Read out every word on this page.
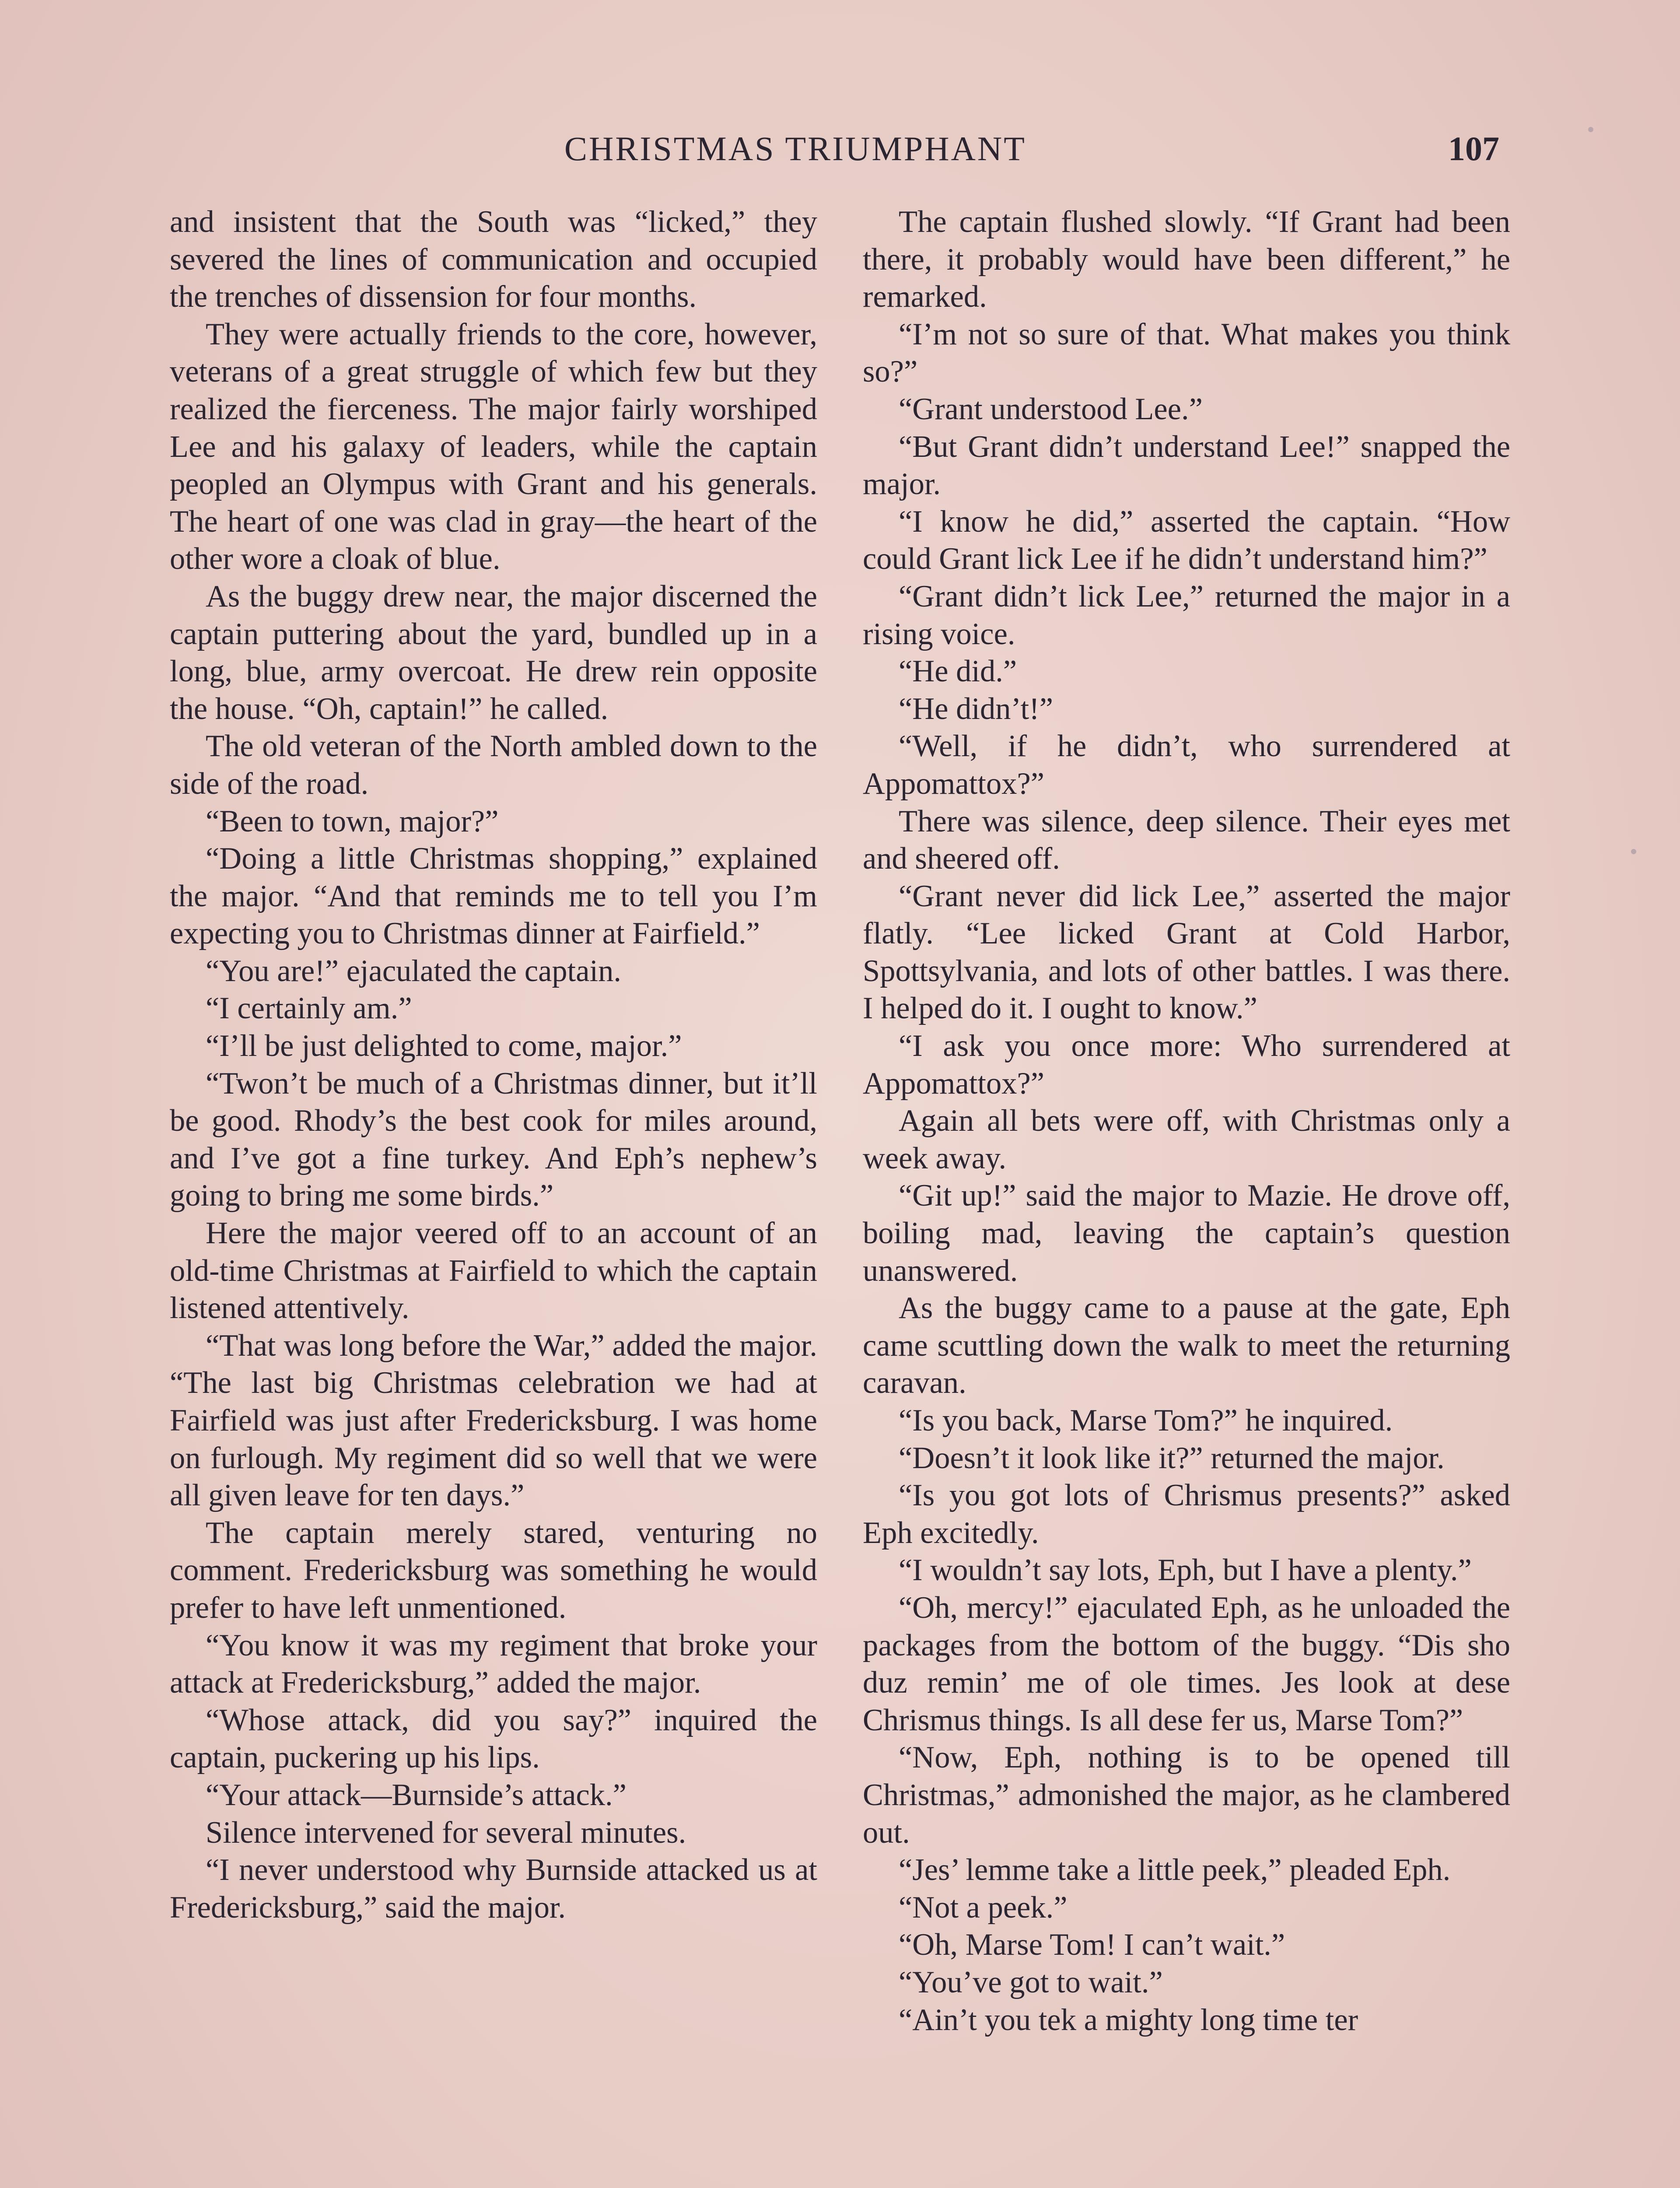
CHRISTMAS TRIUMPHANT	107

and insistent that the South was “licked,” they severed the lines of communication and occupied the trenches of dissension for four months.

They were actually friends to the core, however, veterans of a great struggle of which few but they realized the fierceness. The major fairly worshiped Lee and his galaxy of leaders, while the captain peopled an Olympus with Grant and his generals. The heart of one was clad in gray—the heart of the other wore a cloak of blue.

As the buggy drew near, the major discerned the captain puttering about the yard, bundled up in a long, blue, army overcoat. He drew rein opposite the house. “Oh, captain!” he called.

The old veteran of the North ambled down to the side of the road.

“Been to town, major?”

“Doing a little Christmas shopping,” explained the major. “And that reminds me to tell you I’m expecting you to Christmas dinner at Fairfield.”

“You are!” ejaculated the captain.

“I certainly am.”

“I’ll be just delighted to come, major.”

“Twon’t be much of a Christmas dinner, but it’ll be good. Rhody’s the best cook for miles around, and I’ve got a fine turkey. And Eph’s nephew’s going to bring me some birds.”

Here the major veered off to an account of an old-time Christmas at Fairfield to which the captain listened attentively.

“That was long before the War,” added the major. “The last big Christmas celebration we had at Fairfield was just after Fredericksburg. I was home on furlough. My regiment did so well that we were all given leave for ten days.”

The captain merely stared, venturing no comment. Fredericksburg was something he would prefer to have left unmentioned.

“You know it was my regiment that broke your attack at Fredericksburg,” added the major.

“Whose attack, did you say?” inquired the captain, puckering up his lips.

“Your attack—Burnside’s attack.”

Silence intervened for several minutes.

“I never understood why Burnside attacked us at Fredericksburg,” said the major.

The captain flushed slowly. “If Grant had been there, it probably would have been different,” he remarked.

“I’m not so sure of that. What makes you think so?”

“Grant understood Lee.”

“But Grant didn’t understand Lee!” snapped the major.

“I know he did,” asserted the captain. “How could Grant lick Lee if he didn’t understand him?”

“Grant didn’t lick Lee,” returned the major in a rising voice.

“He did.”

“He didn’t!”

“Well, if he didn’t, who surrendered at Appomattox?”

There was silence, deep silence. Their eyes met and sheered off.

“Grant never did lick Lee,” asserted the major flatly. “Lee licked Grant at Cold Harbor, Spottsylvania, and lots of other battles. I was there. I helped do it. I ought to know.”

“I ask you once more: Who surrendered at Appomattox?”

Again all bets were off, with Christmas only a week away.

“Git up!” said the major to Mazie. He drove off, boiling mad, leaving the captain’s question unanswered.

As the buggy came to a pause at the gate, Eph came scuttling down the walk to meet the returning caravan.

“Is you back, Marse Tom?” he inquired.

“Doesn’t it look like it?” returned the major.

“Is you got lots of Chrismus presents?” asked Eph excitedly.

“I wouldn’t say lots, Eph, but I have a plenty.”

“Oh, mercy!” ejaculated Eph, as he unloaded the packages from the bottom of the buggy. “Dis sho duz remin’ me of ole times. Jes look at dese Chrismus things. Is all dese fer us, Marse Tom?”

“Now, Eph, nothing is to be opened till Christmas,” admonished the major, as he clambered out.

“Jes’ lemme take a little peek,” pleaded Eph.

“Not a peek.”

“Oh, Marse Tom! I can’t wait.”

“You’ve got to wait.”

“Ain’t you tek a mighty long time ter
